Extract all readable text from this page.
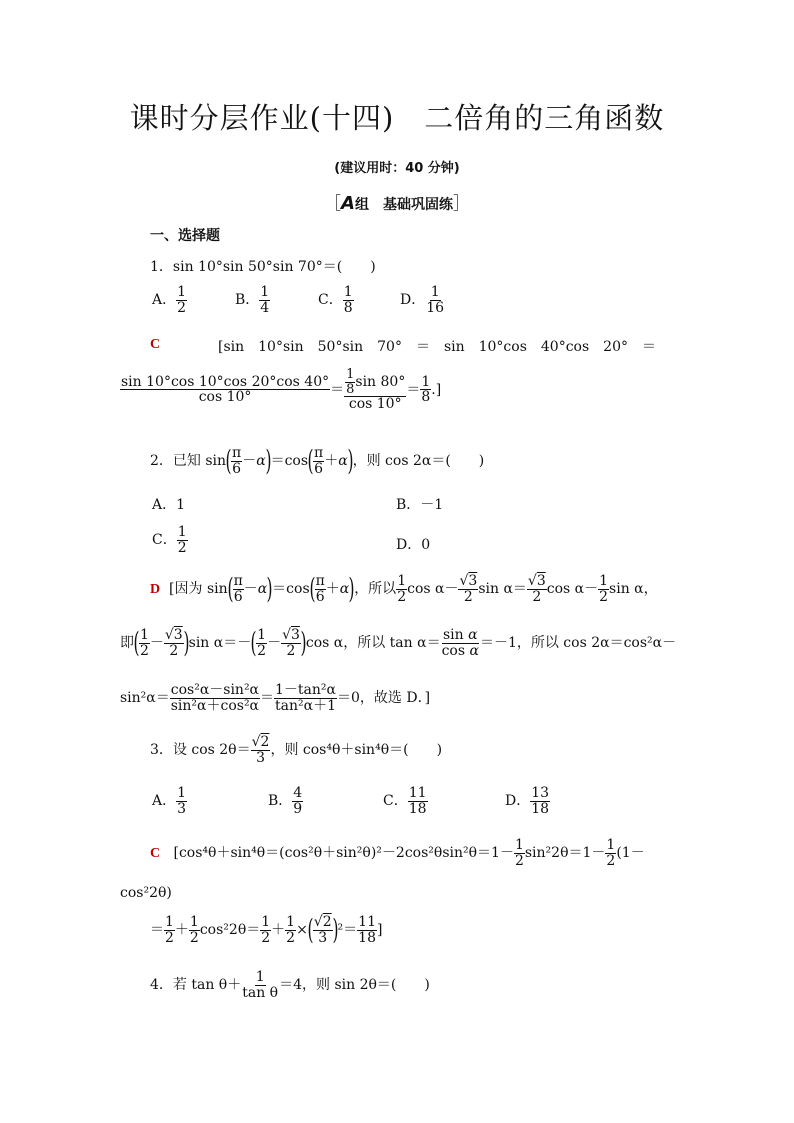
课时分层作业(十四)　二倍角的三角函数
(建议用时：40 分钟)
［A组　基础巩固练］
一、选择题
1．sin 10°sin 50°sin 70°＝(　　)
A． $\frac{1}{2}$	B． $\frac{1}{4}$	C． $\frac{1}{8}$	D． $\frac{1}{16}$
C	[sin　10°sin　50°sin　70°　＝　sin　10°cos　40°cos　20°　＝
$\frac{\sin 10^\circ\cos 10^\circ\cos 20^\circ\cos 40^\circ}{\cos 10^\circ} = \frac{\frac{1}{8} \sin 80^\circ}{\cos 10^\circ} = \frac{1}{8}$ .]
2．已知 $\sin( \frac{\pi}{6} -\alpha)=\cos( \frac{\pi}{6} +\alpha)$，则 cos 2α＝(　　)
A．1	B．－1
C． $\frac{1}{2}$	D．0
D [因为 $\sin( \frac{\pi}{6} -\alpha)=\cos( \frac{\pi}{6} +\alpha)$，所以 $\frac{1}{2}$ $\cos \alpha- \frac{√3}{2}$ $\sin \alpha= \frac{√3}{2}$ $\cos \alpha- \frac{1}{2}$ sin α，
即( $\frac{1}{2} - \frac{√3}{2} )\sin$ $\alpha=-( \frac{1}{2} - \frac{√3}{2} )\cos$ α，所以 $\tan \alpha= \frac{\text{sin α}}{\text{cos α}} =-1$，所以 cos 2α＝cos²α－
$\sin^2\alpha= \frac{\text{cos²α－sin²α}}{\text{sin²α＋cos²α}} = \frac{\text{1－tan²α}}{\text{tan²α＋1}} =0$，故选 D．]
3．设 $\cos 2\theta= \frac{√2}{3}$ ，则 cos⁴θ＋sin⁴θ＝(　　)
A． $\frac{1}{3}$	B． $\frac{4}{9}$	C． $\frac{11}{18}$	D． $\frac{13}{18}$
C [$\cos^4\theta+\sin^4\theta=(\cos^2\theta+\sin^2\theta)^2-2\cos^2\theta\sin^2\theta=1- \frac{1}{2} \sin^22\theta=1- \frac{1}{2} (1-$
cos²2θ)
＝ $\frac{1}{2} + \frac{1}{2} \cos^22\theta= \frac{1}{2} + \frac{1}{2}$ ×( $\frac{√2}{3} )^2= \frac{11}{18}$ ]
4．若 $\tan \theta+ \frac{1}{\text{tan θ}} =4$，则 sin 2θ＝(　　)
